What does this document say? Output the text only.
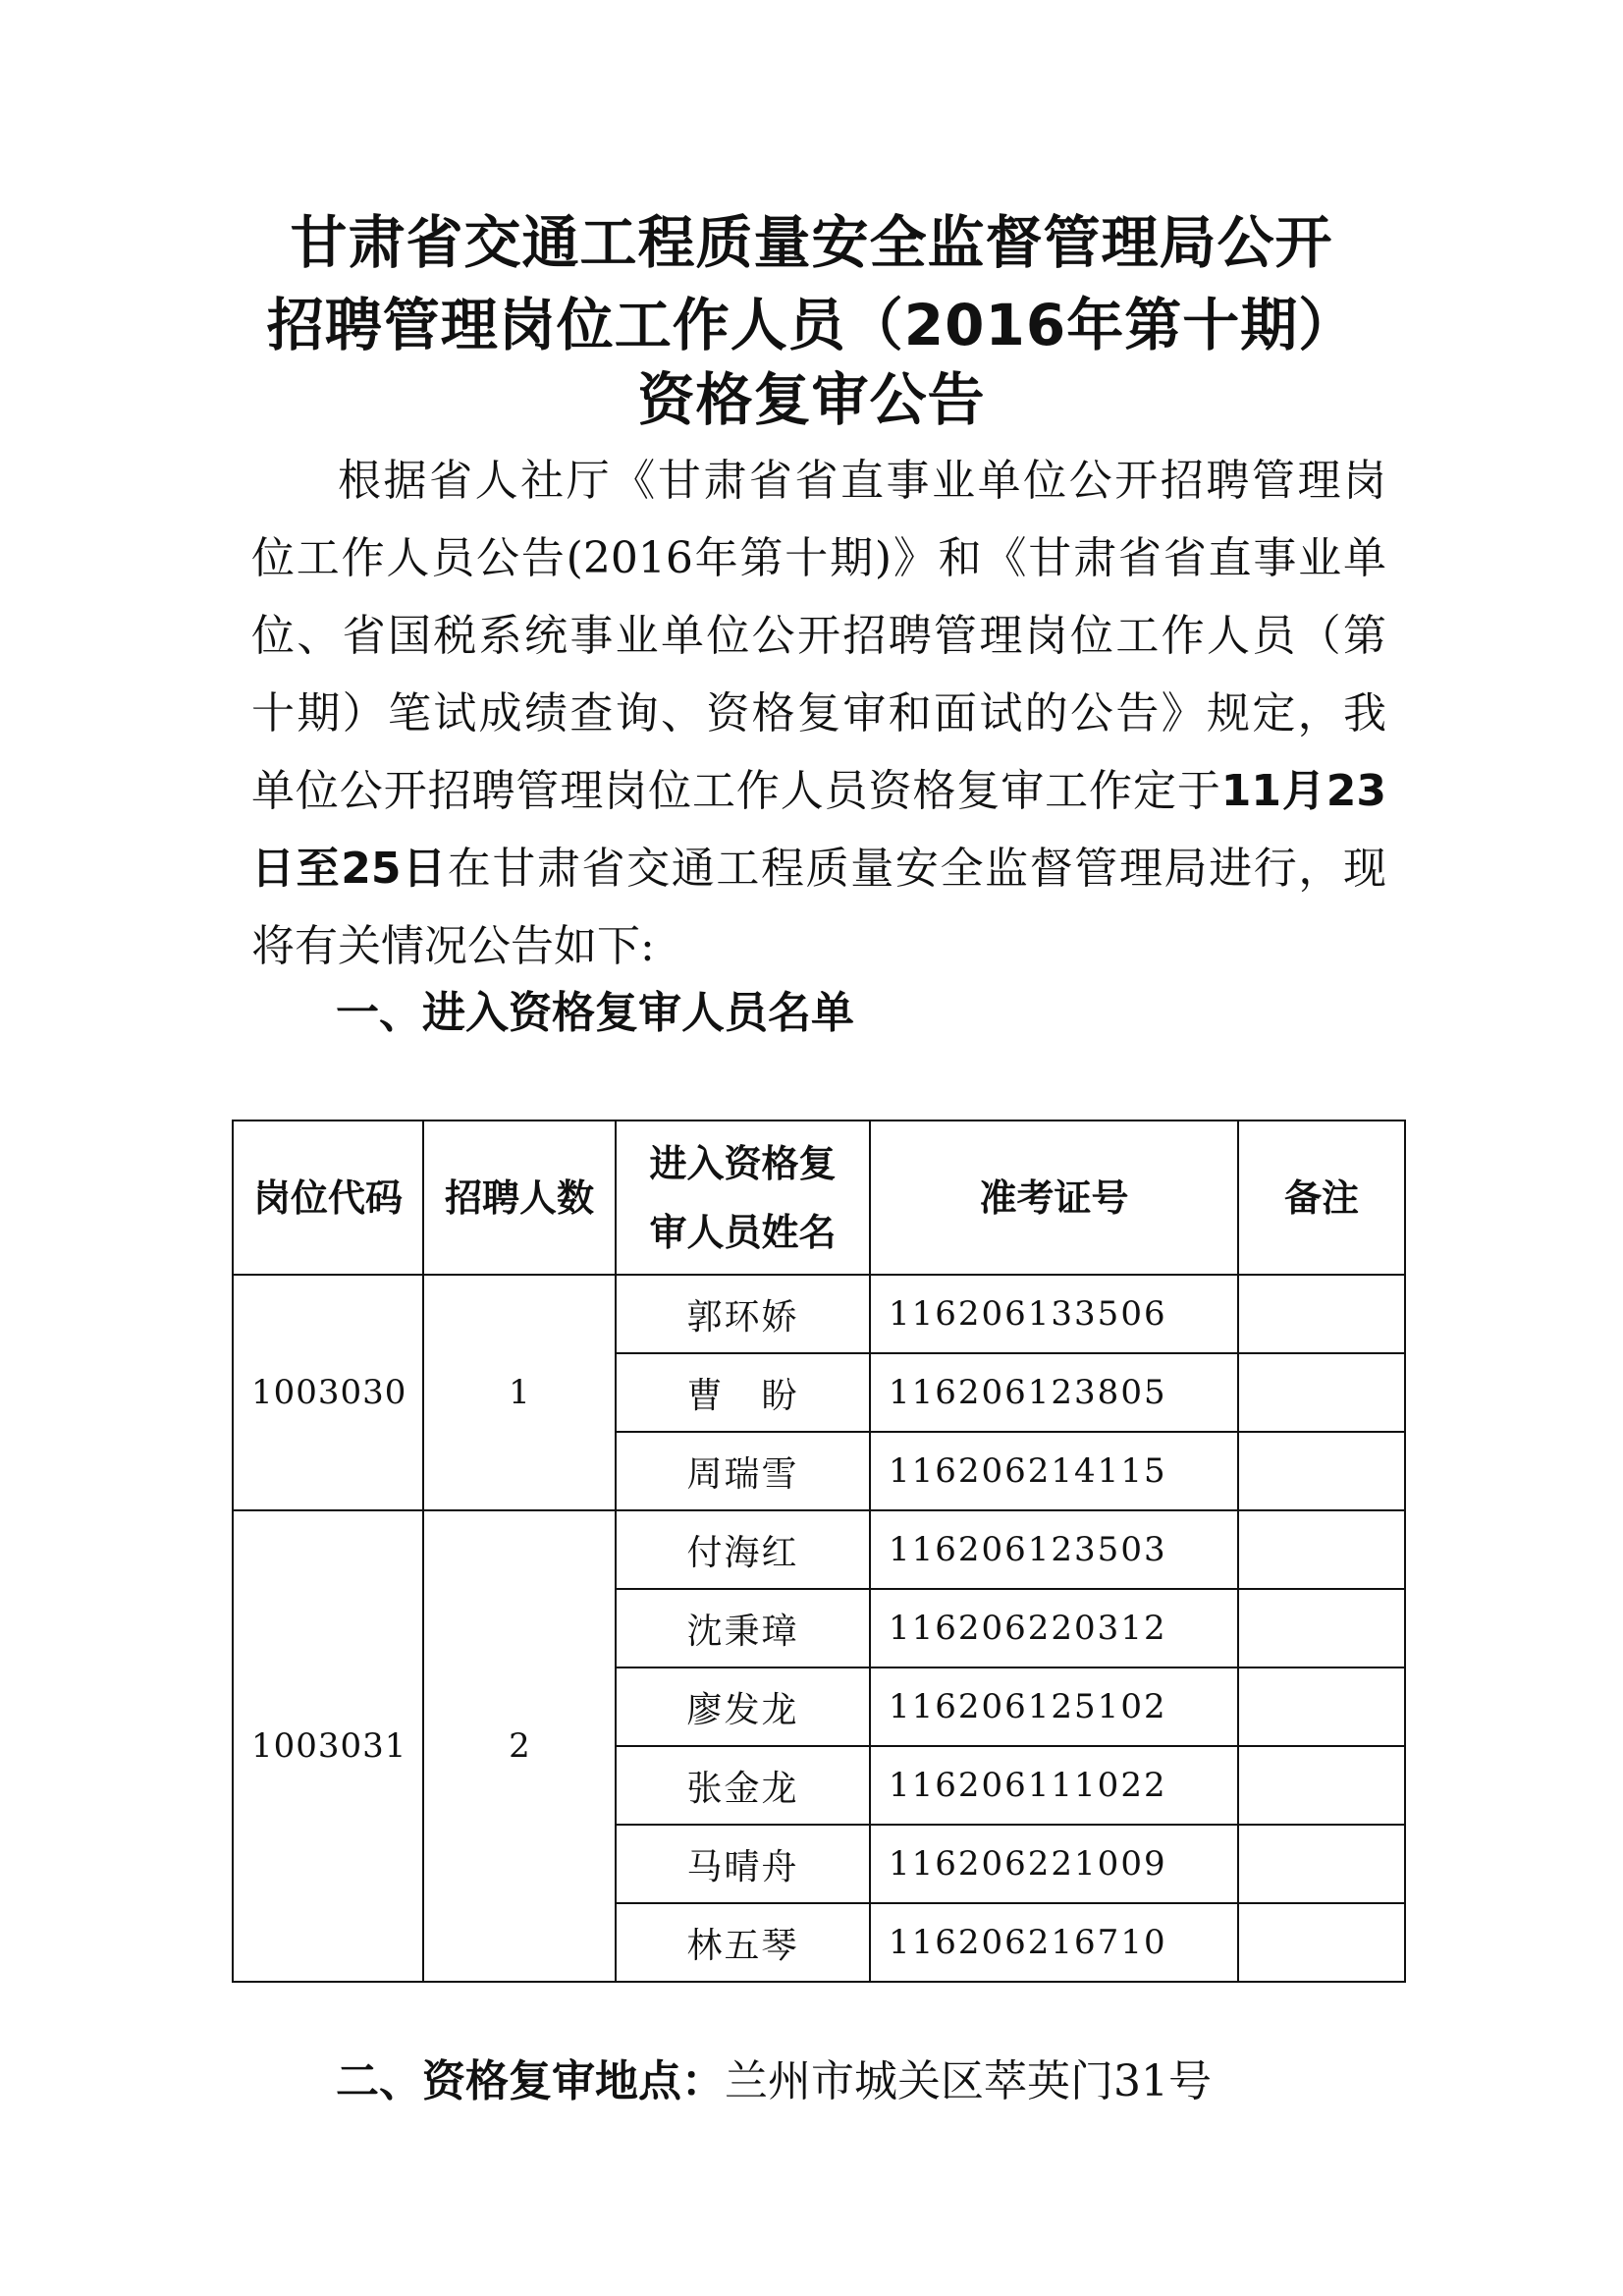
甘肃省交通工程质量安全监督管理局公开
招聘管理岗位工作人员（2016年第十期）
资格复审公告
根据省人社厅《甘肃省省直事业单位公开招聘管理岗
位工作人员公告(2016年第十期)》和《甘肃省省直事业单
位、省国税系统事业单位公开招聘管理岗位工作人员（第
十期）笔试成绩查询、资格复审和面试的公告》规定，我
单位公开招聘管理岗位工作人员资格复审工作定于11月23
日至25日在甘肃省交通工程质量安全监督管理局进行，现
将有关情况公告如下:
一、进入资格复审人员名单
岗位代码	招聘人数	进入资格复
审人员姓名	准考证号	备注
1003030	1	郭环娇	116206133506	
		曹　盼	116206123805	
		周瑞雪	116206214115	
1003031	2	付海红	116206123503	
		沈秉璋	116206220312	
		廖发龙	116206125102	
		张金龙	116206111022	
		马晴舟	116206221009	
		林五琴	116206216710	
二、资格复审地点：兰州市城关区萃英门31号
